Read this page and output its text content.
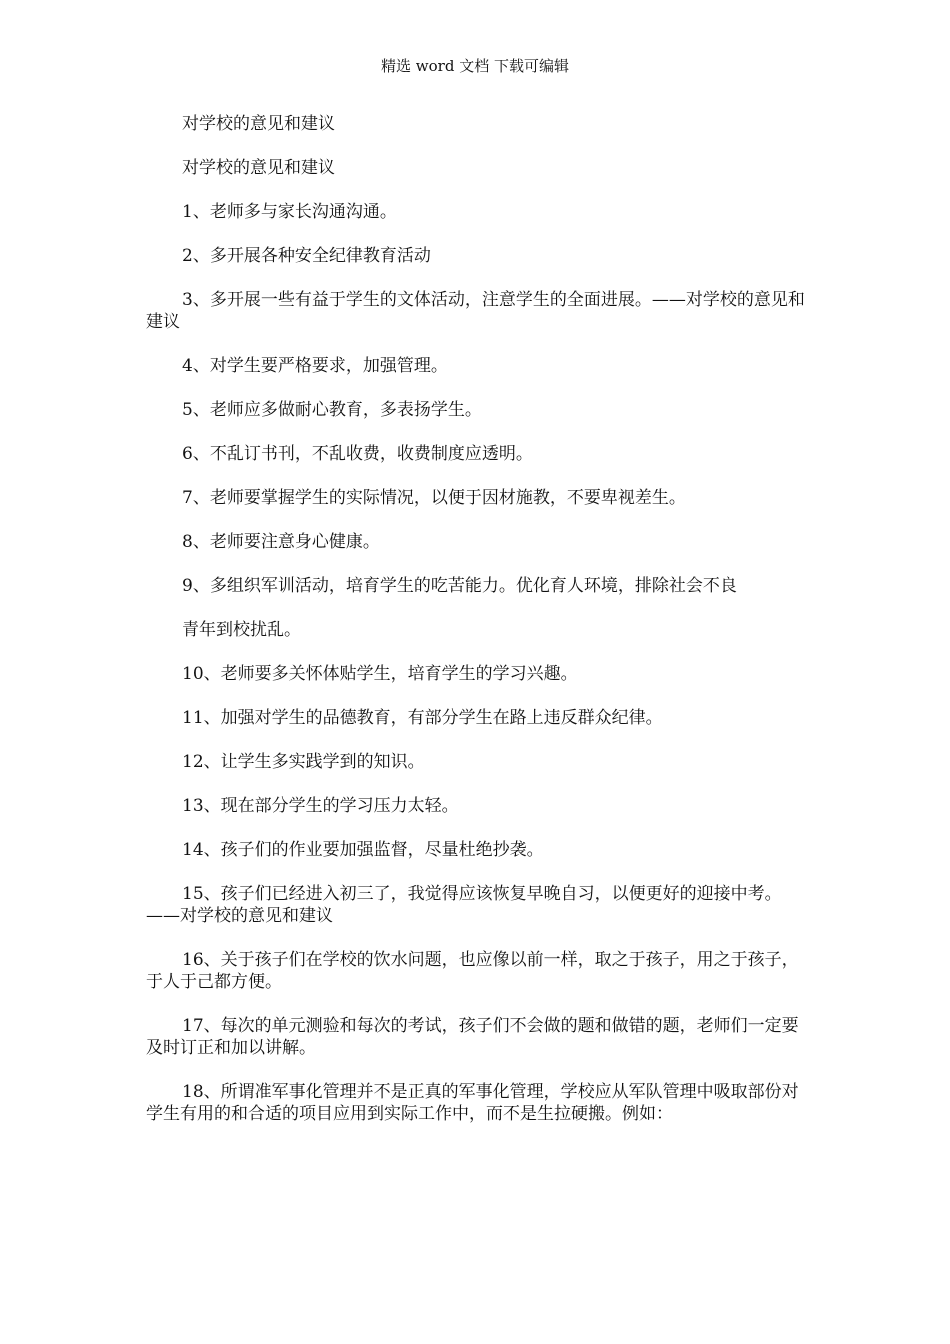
精选 word 文档 下载可编辑

对学校的意见和建议

对学校的意见和建议

1、老师多与家长沟通沟通。

2、多开展各种安全纪律教育活动

3、多开展一些有益于学生的文体活动，注意学生的全面进展。——对学校的意见和建议

4、对学生要严格要求，加强管理。

5、老师应多做耐心教育，多表扬学生。

6、不乱订书刊，不乱收费，收费制度应透明。

7、老师要掌握学生的实际情况，以便于因材施教，不要卑视差生。

8、老师要注意身心健康。

9、多组织军训活动，培育学生的吃苦能力。优化育人环境，排除社会不良

青年到校扰乱。

10、老师要多关怀体贴学生，培育学生的学习兴趣。

11、加强对学生的品德教育，有部分学生在路上违反群众纪律。

12、让学生多实践学到的知识。

13、现在部分学生的学习压力太轻。

14、孩子们的作业要加强监督，尽量杜绝抄袭。

15、孩子们已经进入初三了，我觉得应该恢复早晚自习，以便更好的迎接中考。——对学校的意见和建议

16、关于孩子们在学校的饮水问题，也应像以前一样，取之于孩子，用之于孩子，于人于己都方便。

17、每次的单元测验和每次的考试，孩子们不会做的题和做错的题，老师们一定要及时订正和加以讲解。

18、所谓准军事化管理并不是正真的军事化管理，学校应从军队管理中吸取部份对学生有用的和合适的项目应用到实际工作中，而不是生拉硬搬。例如：
